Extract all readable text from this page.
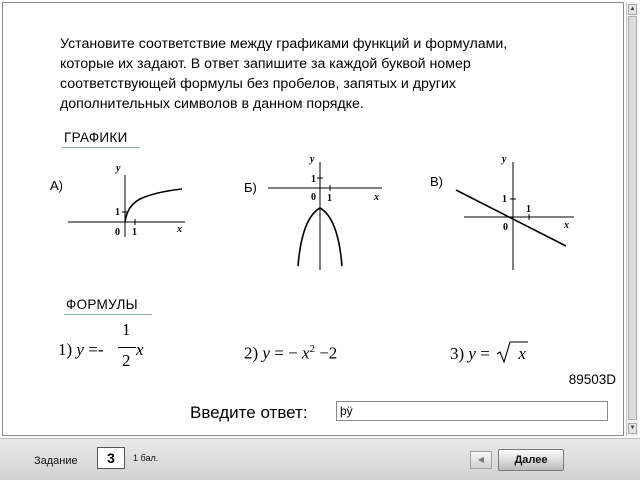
▲
▼
Установите соответствие между графиками функций и формулами,
которые их задают. В ответ запишите за каждой буквой номер
соответствующей формулы без пробелов, запятых и других
дополнительных символов в данном порядке.
ГРАФИКИ
А)
y
x
0 1
1
Б)
y
x
0 1
1	В)
y
x
0
1
1
ФОРМУЛЫ
1) y =- x
1
2	2) y = − $x^2 -2$	3) y = x
89503D
Введите ответ:
þÿ
Задание	3	1 бал.	◀	Далее
